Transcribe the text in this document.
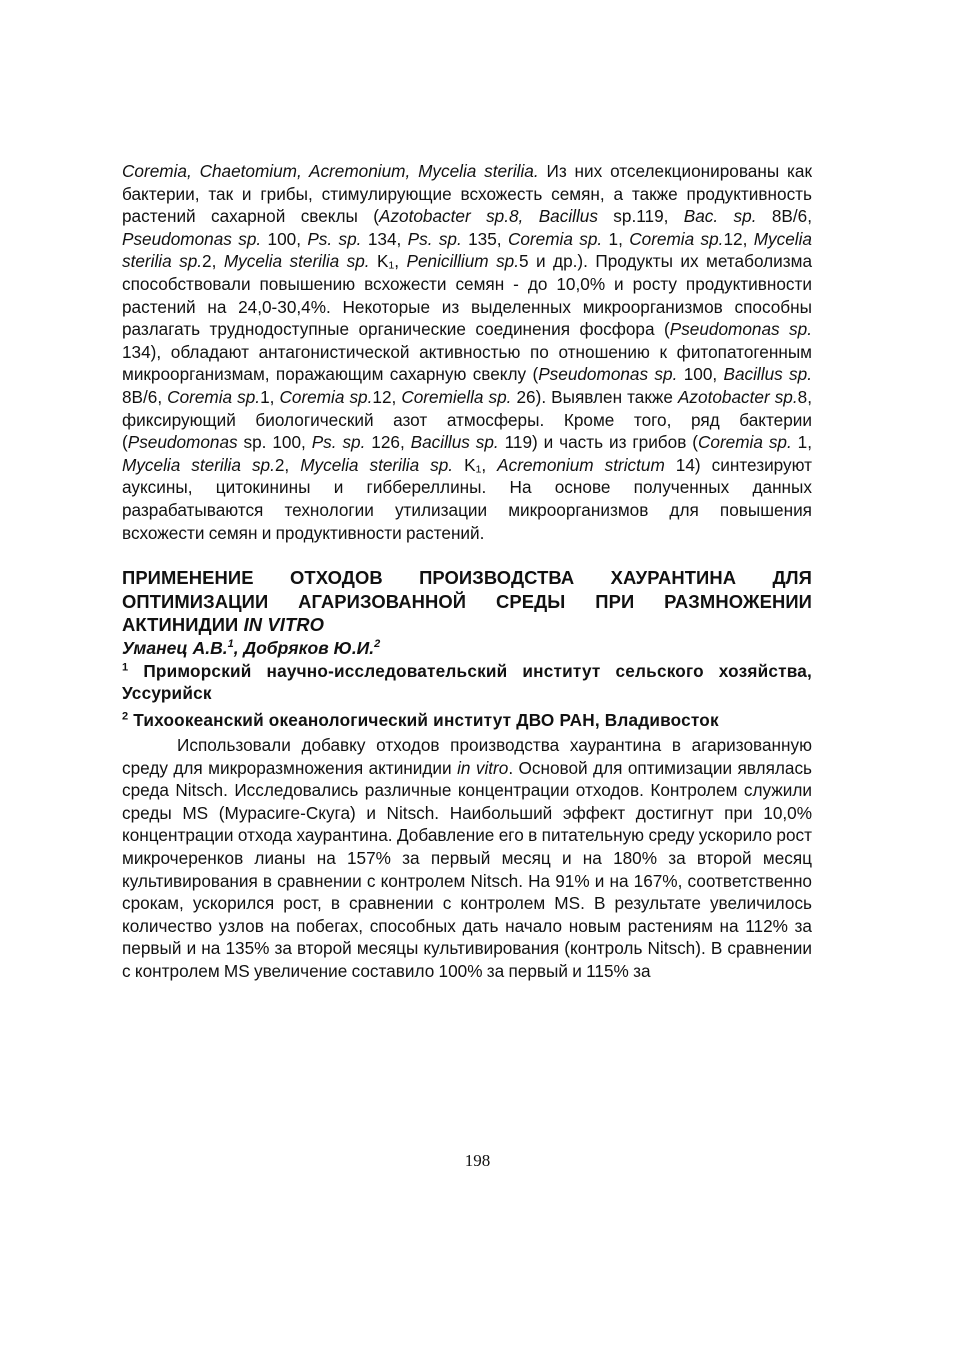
Coremia, Chaetomium, Acremonium, Mycelia sterilia. Из них отселекционированы как бактерии, так и грибы, стимулирующие всхожесть семян, а также продуктивность растений сахарной свеклы (Azotobacter sp.8, Bacillus sp.119, Bac. sp. 8B/6, Pseudomonas sp. 100, Ps. sp. 134, Ps. sp. 135, Coremia sp. 1, Coremia sp.12, Mycelia sterilia sp.2, Mycelia sterilia sp. K₁, Penicillium sp.5 и др.). Продукты их метаболизма способствовали повышению всхожести семян - до 10,0% и росту продуктивности растений на 24,0-30,4%. Некоторые из выделенных микроорганизмов способны разлагать труднодоступные органические соединения фосфора (Pseudomonas sp. 134), обладают антагонистической активностью по отношению к фитопатогенным микроорганизмам, поражающим сахарную свеклу (Pseudomonas sp. 100, Bacillus sp. 8B/6, Coremia sp.1, Coremia sp.12, Coremiella sp. 26). Выявлен также Azotobacter sp.8, фиксирующий биологический азот атмосферы. Кроме того, ряд бактерии (Pseudomonas sp. 100, Ps. sp. 126, Bacillus sp. 119) и часть из грибов (Coremia sp. 1, Mycelia sterilia sp.2, Mycelia sterilia sp. K₁, Acremonium strictum 14) синтезируют ауксины, цитокинины и гиббереллины. На основе полученных данных разрабатываются технологии утилизации микроорганизмов для повышения всхожести семян и продуктивности растений.

ПРИМЕНЕНИЕ ОТХОДОВ ПРОИЗВОДСТВА ХАУРАНТИНА ДЛЯ ОПТИМИЗАЦИИ АГАРИЗОВАННОЙ СРЕДЫ ПРИ РАЗМНОЖЕНИИ АКТИНИДИИ IN VITRO

Уманец А.В.$^1$, Добряков Ю.И.$^2$

$^1$ Приморский научно-исследовательский институт сельского хозяйства, Уссурийск

$^2$ Тихоокеанский океанологический институт ДВО РАН, Владивосток

Использовали добавку отходов производства хаурантина в агаризованную среду для микроразмножения актинидии in vitro. Основой для оптимизации являлась среда Nitsch. Исследовались различные концентрации отходов. Контролем служили среды MS (Мурасиге-Скуга) и Nitsch. Наибольший эффект достигнут при 10,0% концентрации отхода хаурантина. Добавление его в питательную среду ускорило рост микрочеренков лианы на 157% за первый месяц и на 180% за второй месяц культивирования в сравнении с контролем Nitsch. На 91% и на 167%, соответственно срокам, ускорился рост, в сравнении с контролем MS. В результате увеличилось количество узлов на побегах, способных дать начало новым растениям на 112% за первый и на 135% за второй месяцы культивирования (контроль Nitsch). В сравнении с контролем MS увеличение составило 100% за первый и 115% за

198
